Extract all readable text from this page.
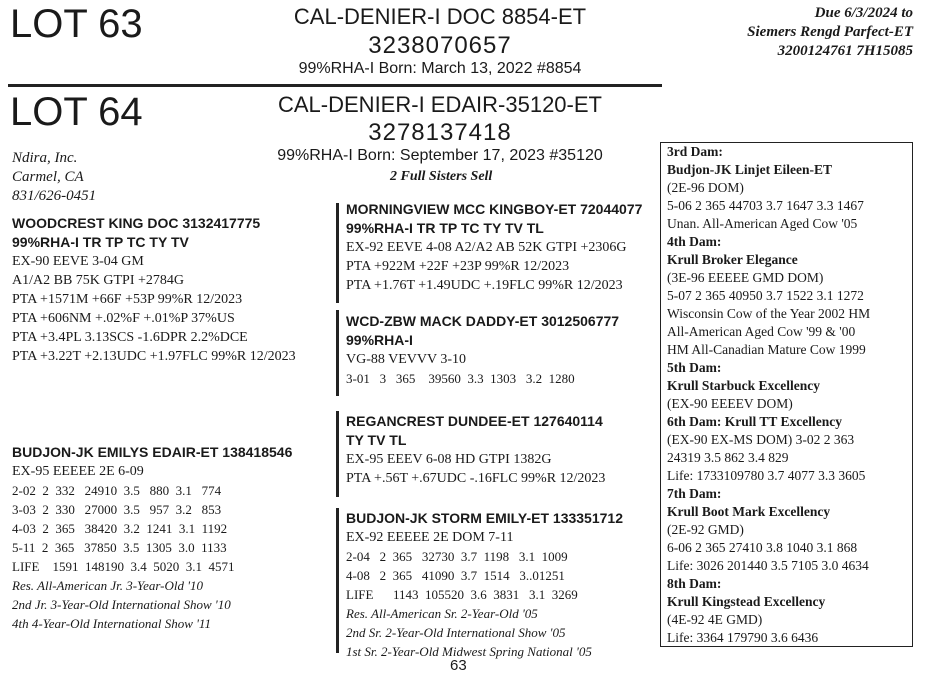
LOT 63	CAL-DENIER-I DOC 8854-ET
3238070657
99%RHA-I Born: March 13, 2022 #8854
Due 6/3/2024 to
Siemers Rengd Parfect-ET
3200124761 7H15085
LOT 64	CAL-DENIER-I EDAIR-35120-ET
3278137418
99%RHA-I Born: September 17, 2023 #35120
2 Full Sisters Sell
Ndira, Inc.
Carmel, CA
831/626-0451
WOODCREST KING DOC 3132417775
99%RHA-I TR TP TC TY TV
EX-90 EEVE 3-04 GM
A1/A2 BB 75K GTPI +2784G
PTA +1571M +66F +53P 99%R 12/2023
PTA +606NM +.02%F +.01%P 37%US
PTA +3.4PL 3.13SCS -1.6DPR 2.2%DCE
PTA +3.22T +2.13UDC +1.97FLC 99%R 12/2023
BUDJON-JK EMILYS EDAIR-ET 138418546
EX-95 EEEEE 2E 6-09
2-02  2  332   24910  3.5   880  3.1   774
3-03  2  330   27000  3.5   957  3.2   853
4-03  2  365   38420  3.2  1241  3.1  1192
5-11  2  365   37850  3.5  1305  3.0  1133
LIFE    1591  148190  3.4  5020  3.1  4571
Res. All-American Jr. 3-Year-Old '10
2nd Jr. 3-Year-Old International Show '10
4th 4-Year-Old International Show '11
MORNINGVIEW MCC KINGBOY-ET 72044077
99%RHA-I TR TP TC TY TV TL
EX-92 EEVE 4-08 A2/A2 AB 52K GTPI +2306G
PTA +922M +22F +23P 99%R 12/2023
PTA +1.76T +1.49UDC +.19FLC 99%R 12/2023
WCD-ZBW MACK DADDY-ET 3012506777
99%RHA-I
VG-88 VEVVV 3-10
3-01   3   365    39560  3.3  1303   3.2  1280
REGANCREST DUNDEE-ET 127640114
TY TV TL
EX-95 EEEV 6-08 HD GTPI 1382G
PTA +.56T +.67UDC -.16FLC 99%R 12/2023
BUDJON-JK STORM EMILY-ET 133351712
EX-92 EEEEE 2E DOM 7-11
2-04   2  365   32730  3.7  1198   3.1  1009
4-08   2  365   41090  3.7  1514   3..01251
LIFE      1143  105520  3.6  3831   3.1  3269
Res. All-American Sr. 2-Year-Old '05
2nd Sr. 2-Year-Old International Show '05
1st Sr. 2-Year-Old Midwest Spring National '05
3rd Dam:
Budjon-JK Linjet Eileen-ET
(2E-96 DOM)
5-06 2 365 44703 3.7 1647 3.3 1467
Unan. All-American Aged Cow '05
4th Dam:
Krull Broker Elegance
(3E-96 EEEEE GMD DOM)
5-07 2 365 40950 3.7 1522 3.1 1272
Wisconsin Cow of the Year 2002 HM
All-American Aged Cow '99 & '00
HM All-Canadian Mature Cow 1999
5th Dam:
Krull Starbuck Excellency
(EX-90 EEEEV DOM)
6th Dam: Krull TT Excellency
(EX-90 EX-MS DOM) 3-02 2 363
24319 3.5 862 3.4 829
Life: 1733109780 3.7 4077 3.3 3605
7th Dam:
Krull Boot Mark Excellency
(2E-92 GMD)
6-06 2 365 27410 3.8 1040 3.1 868
Life: 3026 201440 3.5 7105 3.0 4634
8th Dam:
Krull Kingstead Excellency
(4E-92 4E GMD)
Life: 3364 179790 3.6 6436
63
